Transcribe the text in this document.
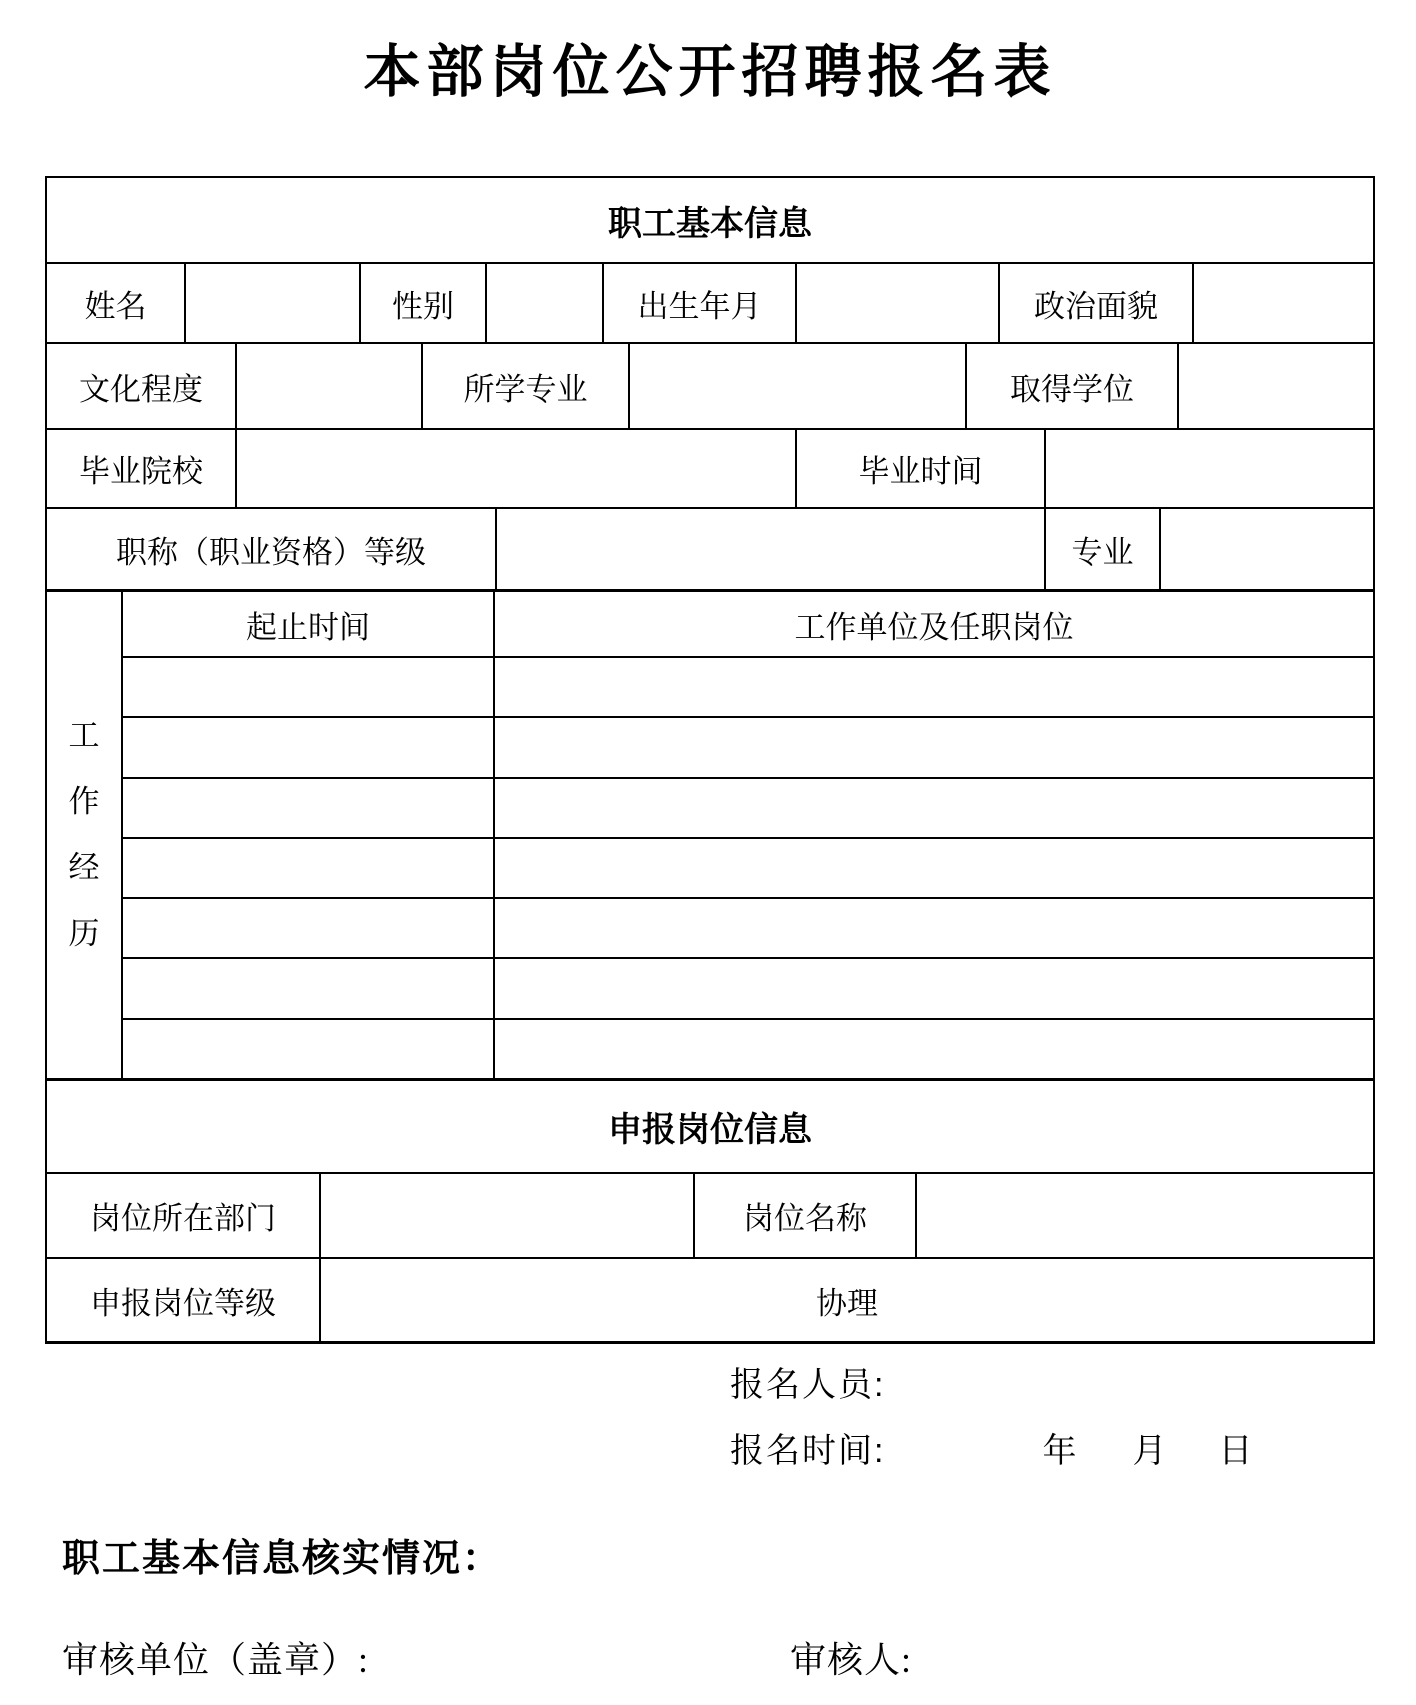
本部岗位公开招聘报名表
职工基本信息
姓名	性别	出生年月	政治面貌
文化程度	所学专业	取得学位
毕业院校	毕业时间
职称（职业资格）等级	专业
工作经历
起止时间	工作单位及任职岗位
申报岗位信息
岗位所在部门	岗位名称
申报岗位等级	协理
报名人员:
报名时间:	年 月 日
职工基本信息核实情况：
审核单位（盖章）:	审核人:
